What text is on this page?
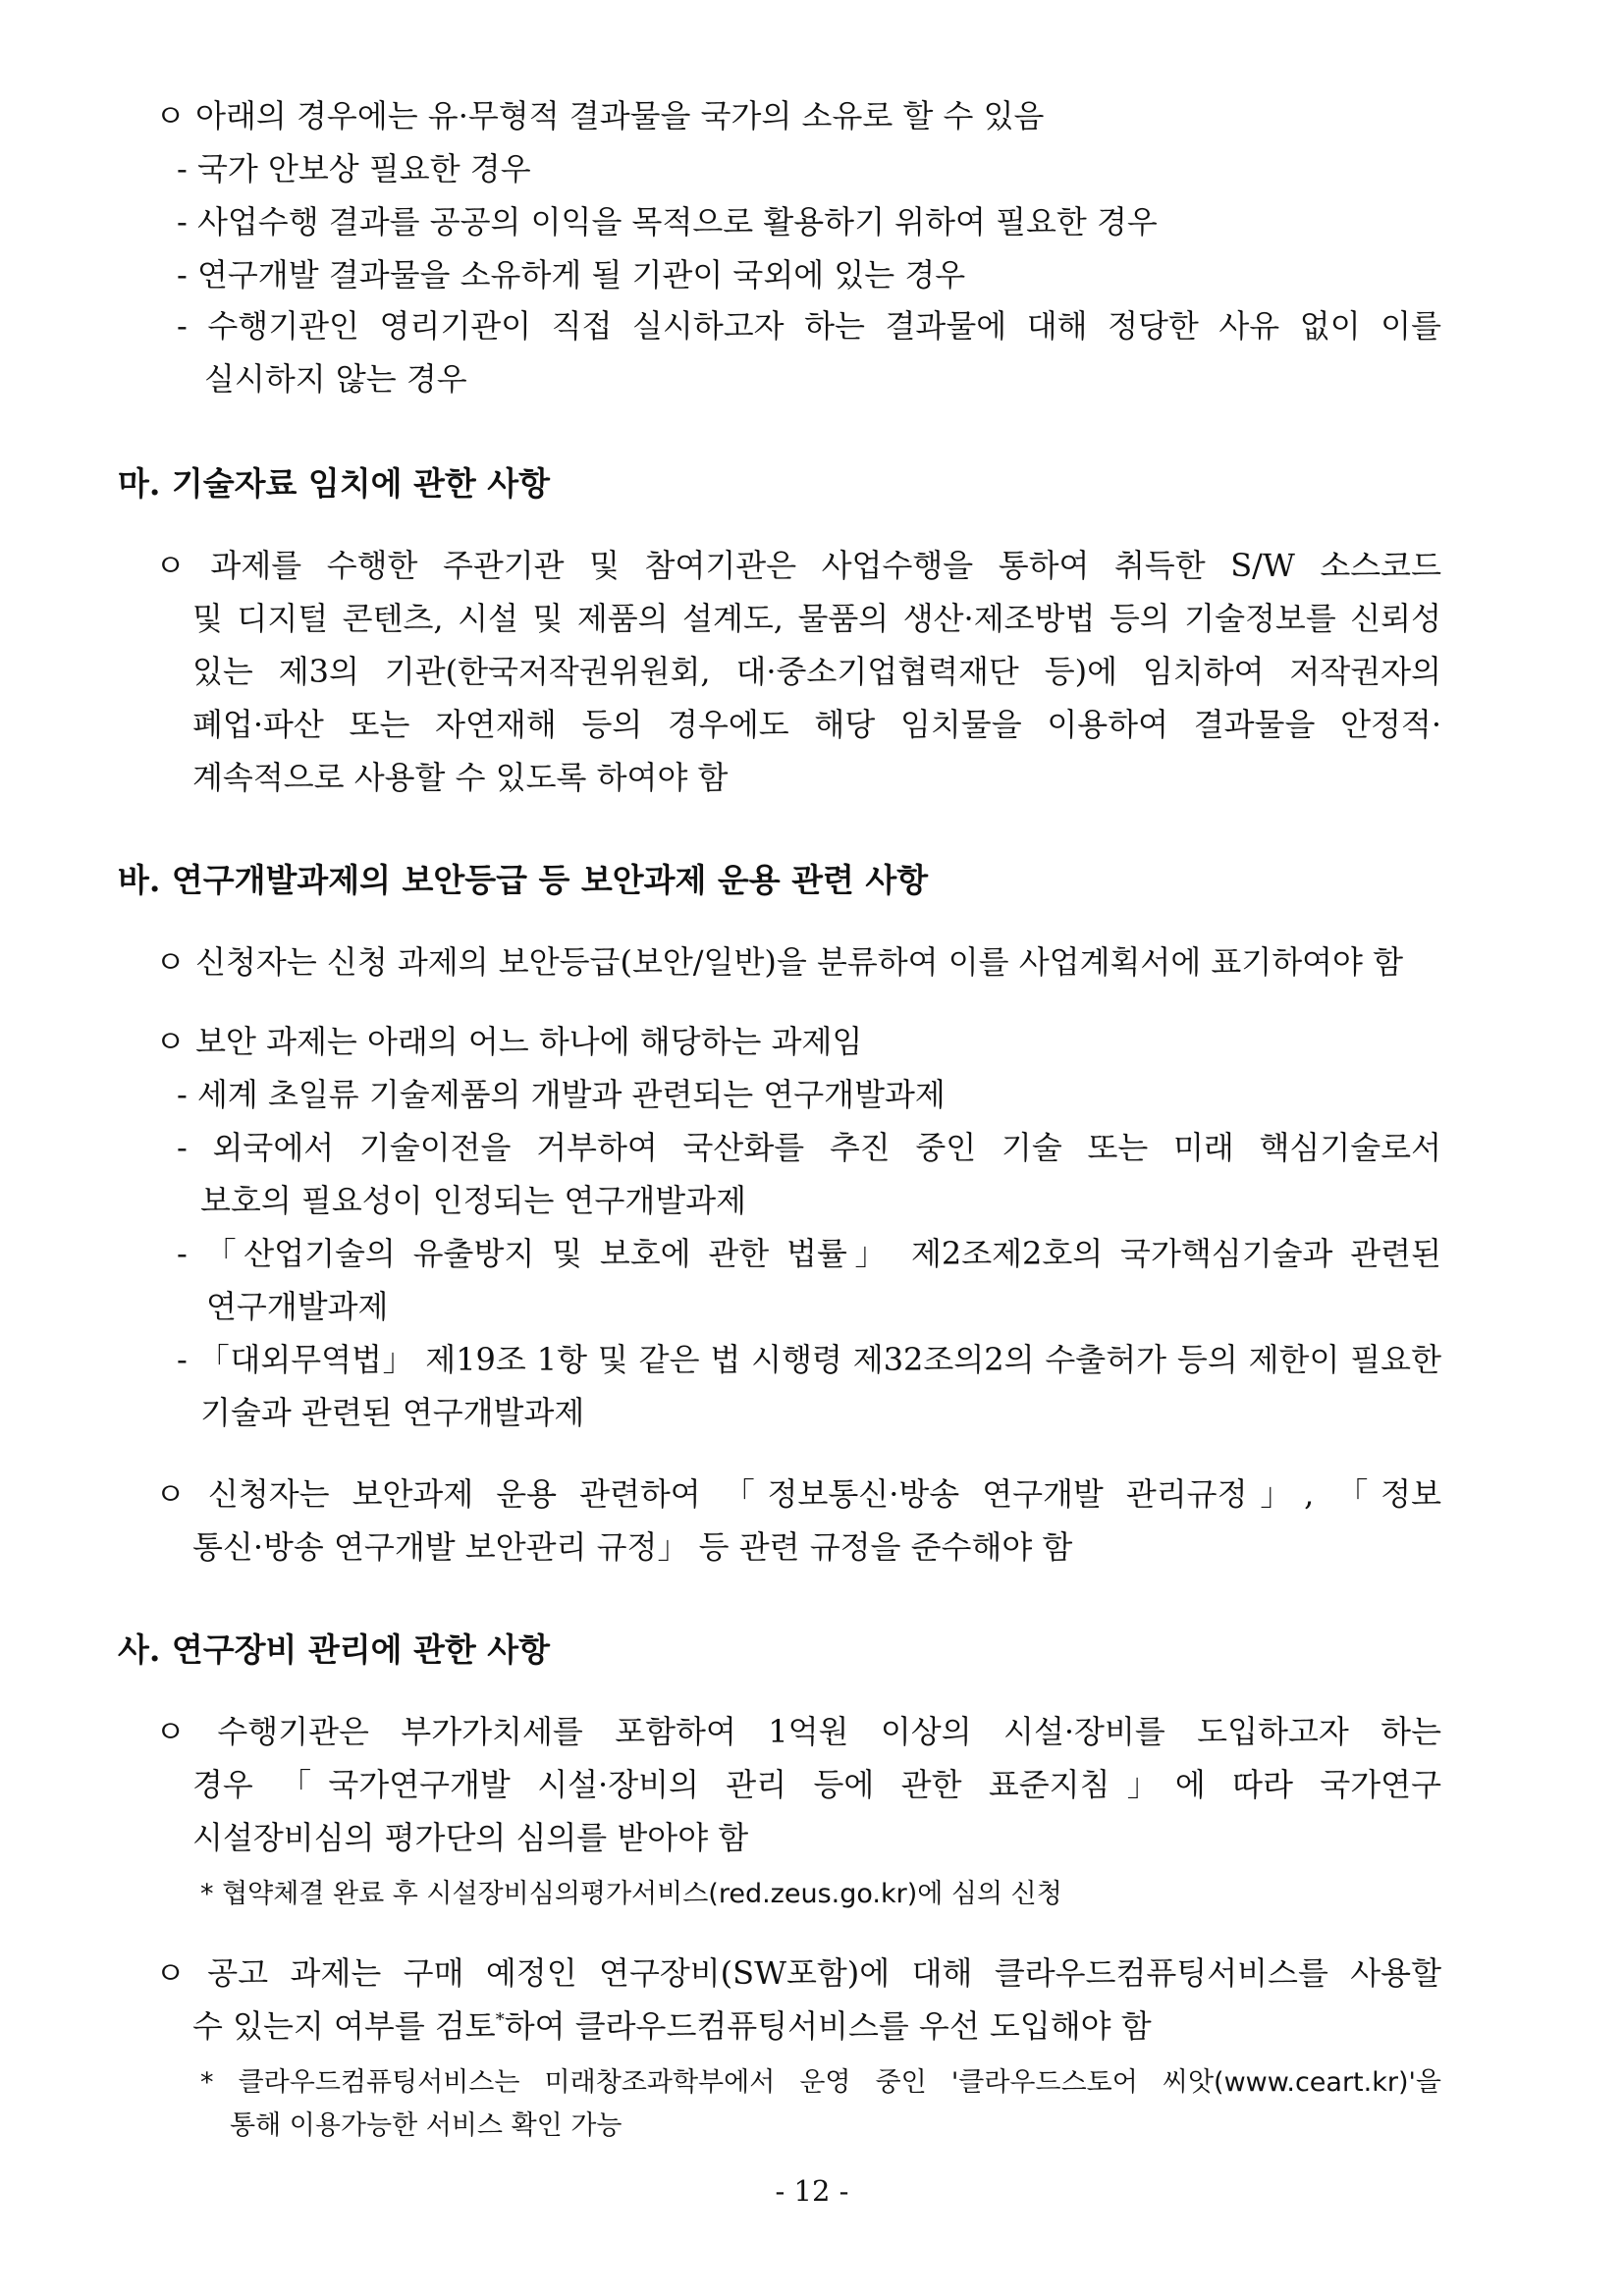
ㅇ 아래의 경우에는 유·무형적 결과물을 국가의 소유로 할 수 있음
- 국가 안보상 필요한 경우
- 사업수행 결과를 공공의 이익을 목적으로 활용하기 위하여 필요한 경우
- 연구개발 결과물을 소유하게 될 기관이 국외에 있는 경우
- 수행기관인 영리기관이 직접 실시하고자 하는 결과물에 대해 정당한 사유 없이 이를
실시하지 않는 경우
마. 기술자료 임치에 관한 사항
ㅇ 과제를 수행한 주관기관 및 참여기관은 사업수행을 통하여 취득한 S/W 소스코드
및 디지털 콘텐츠, 시설 및 제품의 설계도, 물품의 생산·제조방법 등의 기술정보를 신뢰성
있는 제3의 기관(한국저작권위원회, 대·중소기업협력재단 등)에 임치하여 저작권자의
폐업·파산 또는 자연재해 등의 경우에도 해당 임치물을 이용하여 결과물을 안정적·
계속적으로 사용할 수 있도록 하여야 함
바. 연구개발과제의 보안등급 등 보안과제 운용 관련 사항
ㅇ 신청자는 신청 과제의 보안등급(보안/일반)을 분류하여 이를 사업계획서에 표기하여야 함
ㅇ 보안 과제는 아래의 어느 하나에 해당하는 과제임
- 세계 초일류 기술제품의 개발과 관련되는 연구개발과제
- 외국에서 기술이전을 거부하여 국산화를 추진 중인 기술 또는 미래 핵심기술로서
보호의 필요성이 인정되는 연구개발과제
- 「산업기술의 유출방지 및 보호에 관한 법률」 제2조제2호의 국가핵심기술과 관련된
연구개발과제
- 「대외무역법」 제19조 1항 및 같은 법 시행령 제32조의2의 수출허가 등의 제한이 필요한
기술과 관련된 연구개발과제
ㅇ 신청자는 보안과제 운용 관련하여 「정보통신·방송 연구개발 관리규정」, 「정보
통신·방송 연구개발 보안관리 규정」 등 관련 규정을 준수해야 함
사. 연구장비 관리에 관한 사항
ㅇ 수행기관은 부가가치세를 포함하여 1억원 이상의 시설·장비를 도입하고자 하는
경우 「국가연구개발 시설·장비의 관리 등에 관한 표준지침」에 따라 국가연구
시설장비심의 평가단의 심의를 받아야 함
* 협약체결 완료 후 시설장비심의평가서비스(red.zeus.go.kr)에 심의 신청
ㅇ 공고 과제는 구매 예정인 연구장비(SW포함)에 대해 클라우드컴퓨팅서비스를 사용할
수 있는지 여부를 검토*하여 클라우드컴퓨팅서비스를 우선 도입해야 함
* 클라우드컴퓨팅서비스는 미래창조과학부에서 운영 중인 '클라우드스토어 씨앗(www.ceart.kr)'을
통해 이용가능한 서비스 확인 가능
- 12 -
